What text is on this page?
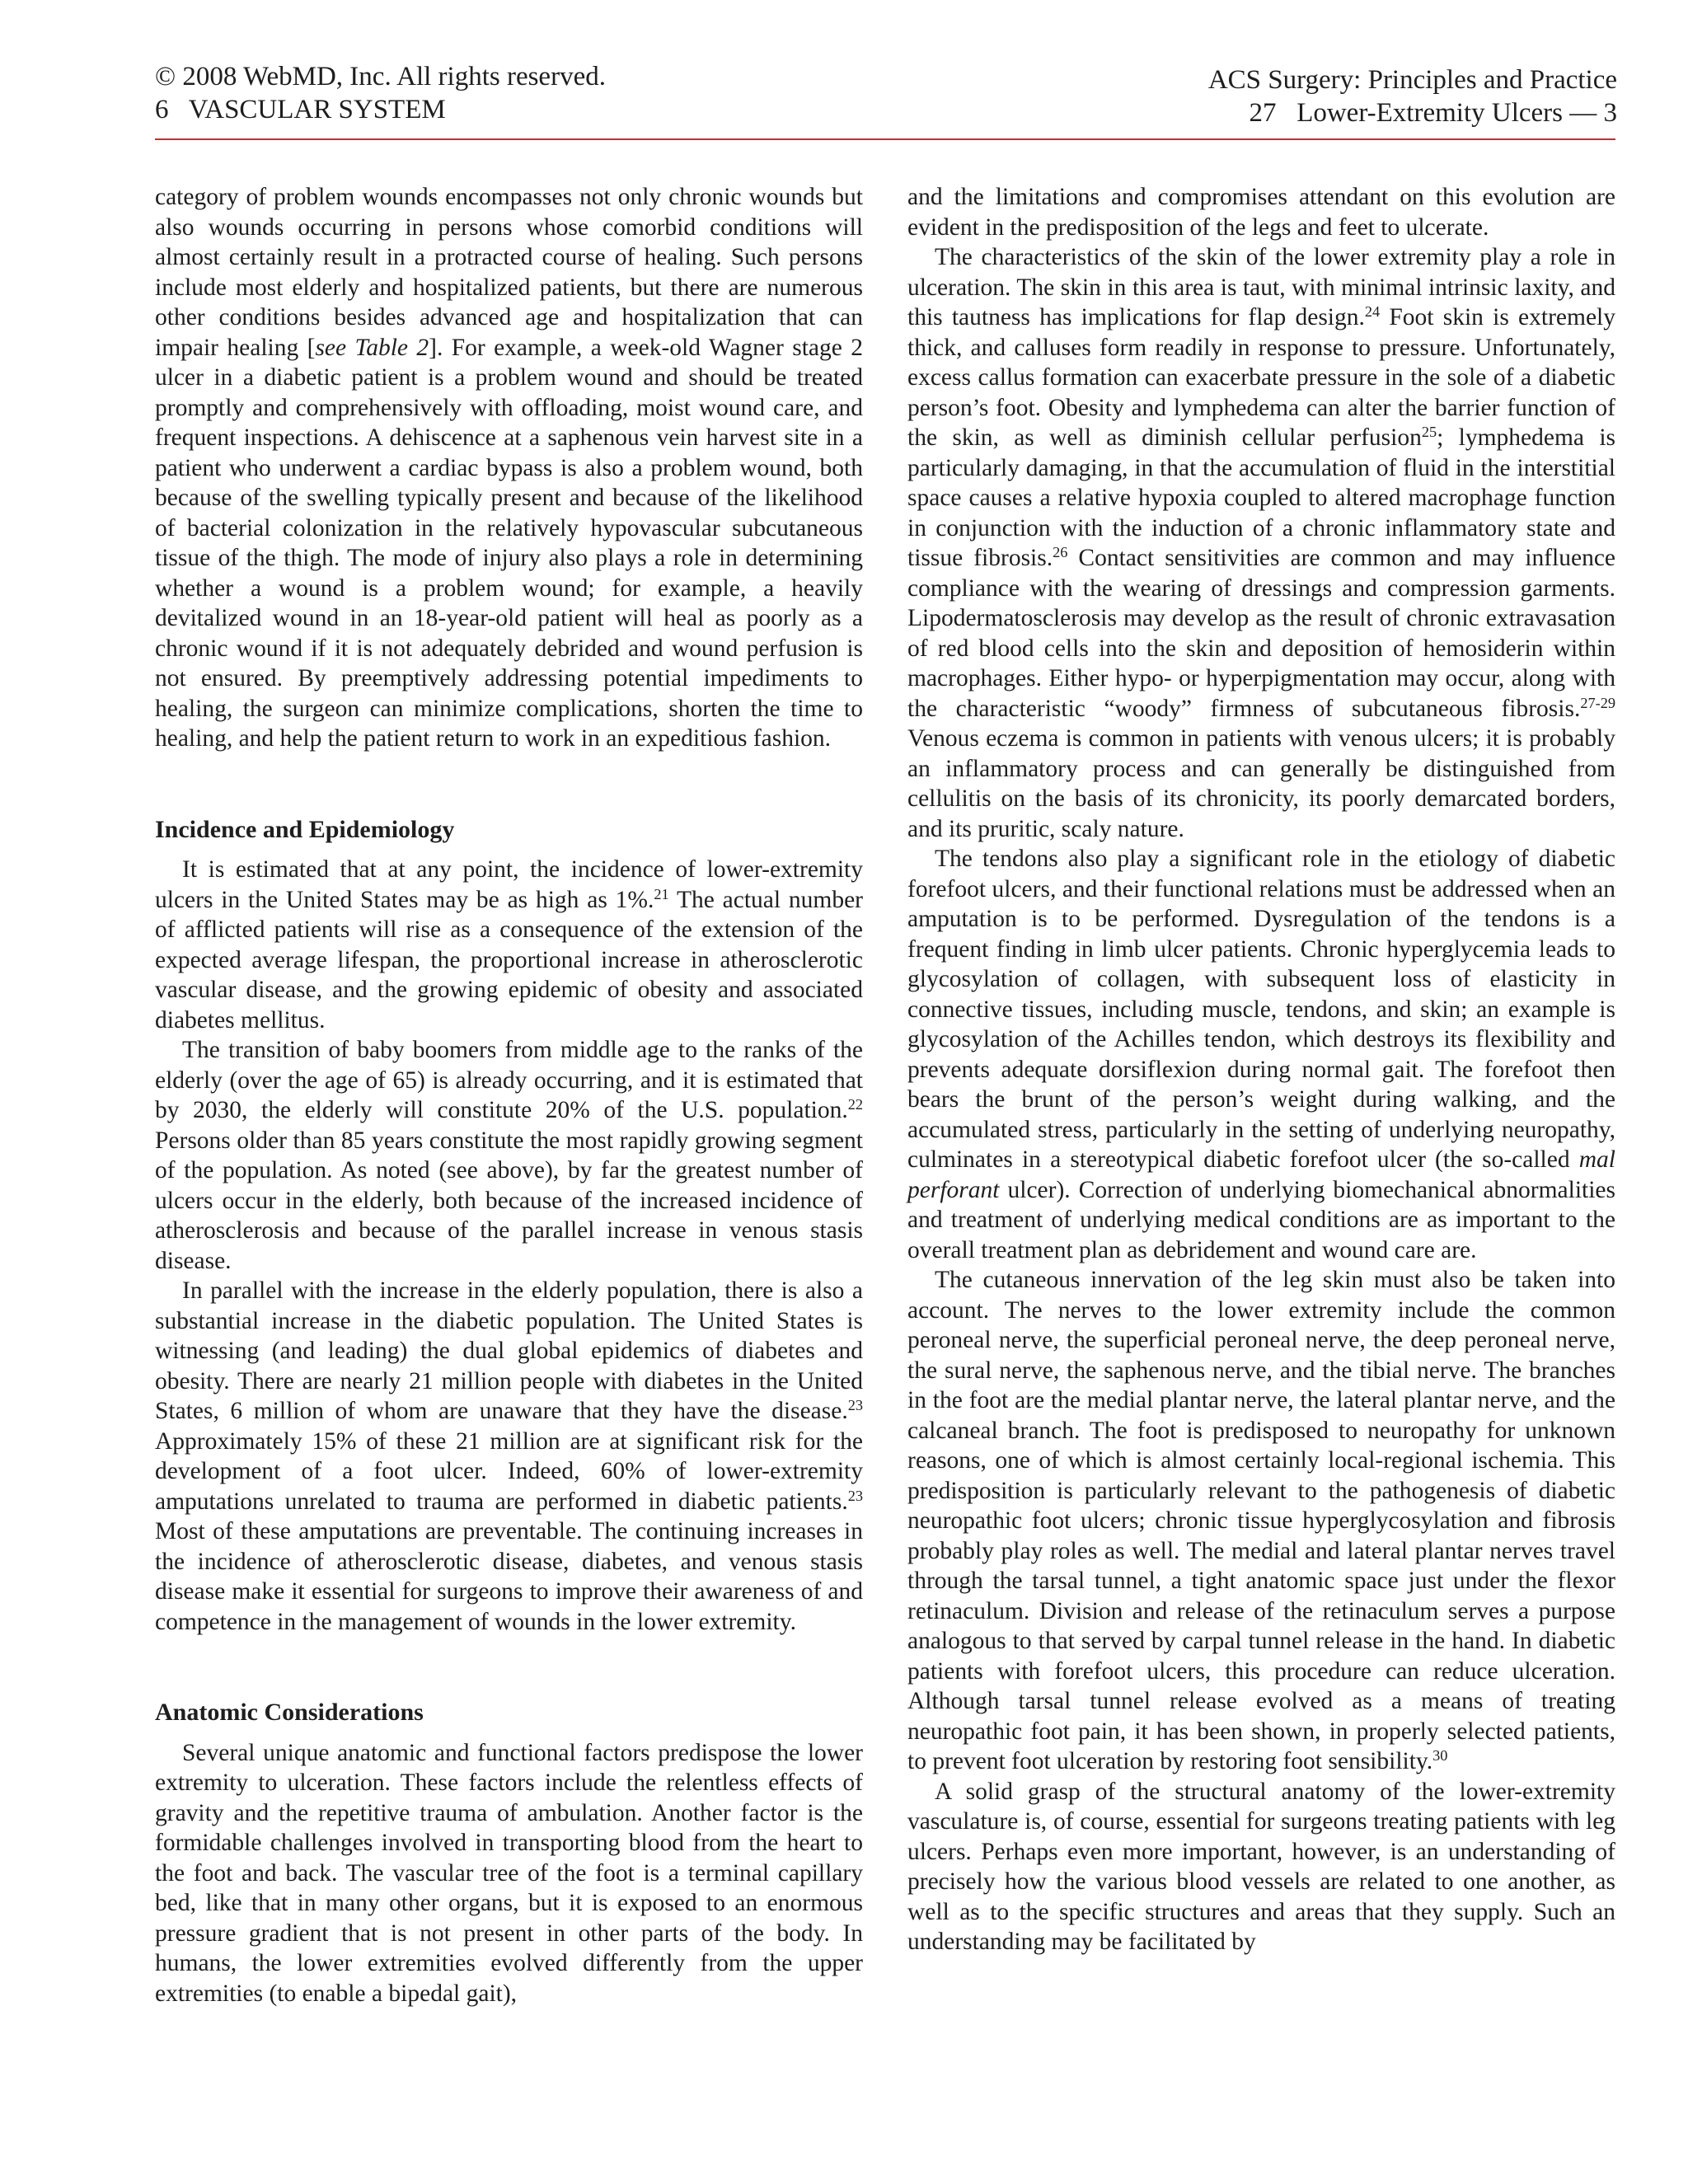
© 2008 WebMD, Inc. All rights reserved.
6   VASCULAR SYSTEM
ACS Surgery: Principles and Practice
27   Lower-Extremity Ulcers — 3

category of problem wounds encompasses not only chronic wounds but also wounds occurring in persons whose comorbid conditions will almost certainly result in a protracted course of healing. Such persons include most elderly and hospitalized patients, but there are numerous other conditions besides advanced age and hospitalization that can impair healing [see Table 2]. For example, a week-old Wagner stage 2 ulcer in a diabetic patient is a problem wound and should be treated promptly and comprehensively with offloading, moist wound care, and frequent inspections. A dehiscence at a saphenous vein harvest site in a patient who underwent a cardiac bypass is also a problem wound, both because of the swelling typically present and because of the likelihood of bacterial colonization in the relatively hypovascular subcutaneous tissue of the thigh. The mode of injury also plays a role in determining whether a wound is a problem wound; for example, a heavily devitalized wound in an 18-year-old patient will heal as poorly as a chronic wound if it is not adequately debrided and wound perfusion is not ensured. By preemptively addressing potential impediments to healing, the surgeon can minimize complications, shorten the time to healing, and help the patient return to work in an expeditious fashion.

Incidence and Epidemiology

It is estimated that at any point, the incidence of lower-extremity ulcers in the United States may be as high as 1%.$^{21}$ The actual number of afflicted patients will rise as a consequence of the extension of the expected average lifespan, the proportional increase in atherosclerotic vascular disease, and the growing epidemic of obesity and associated diabetes mellitus.

The transition of baby boomers from middle age to the ranks of the elderly (over the age of 65) is already occurring, and it is estimated that by 2030, the elderly will constitute 20% of the U.S. population.$^{22}$ Persons older than 85 years constitute the most rapidly growing segment of the population. As noted (see above), by far the greatest number of ulcers occur in the elderly, both because of the increased incidence of atherosclerosis and because of the parallel increase in venous stasis disease.

In parallel with the increase in the elderly population, there is also a substantial increase in the diabetic population. The United States is witnessing (and leading) the dual global epidemics of diabetes and obesity. There are nearly 21 million people with diabetes in the United States, 6 million of whom are unaware that they have the disease.$^{23}$ Approximately 15% of these 21 million are at significant risk for the development of a foot ulcer. Indeed, 60% of lower-extremity amputations unrelated to trauma are performed in diabetic patients.$^{23}$ Most of these amputations are preventable. The continuing increases in the incidence of atherosclerotic disease, diabetes, and venous stasis disease make it essential for surgeons to improve their awareness of and competence in the management of wounds in the lower extremity.

Anatomic Considerations

Several unique anatomic and functional factors predispose the lower extremity to ulceration. These factors include the relentless effects of gravity and the repetitive trauma of ambulation. Another factor is the formidable challenges involved in transporting blood from the heart to the foot and back. The vascular tree of the foot is a terminal capillary bed, like that in many other organs, but it is exposed to an enormous pressure gradient that is not present in other parts of the body. In humans, the lower extremities evolved differently from the upper extremities (to enable a bipedal gait),

and the limitations and compromises attendant on this evolution are evident in the predisposition of the legs and feet to ulcerate.

The characteristics of the skin of the lower extremity play a role in ulceration. The skin in this area is taut, with minimal intrinsic laxity, and this tautness has implications for flap design.$^{24}$ Foot skin is extremely thick, and calluses form readily in response to pressure. Unfortunately, excess callus formation can exacerbate pressure in the sole of a diabetic person’s foot. Obesity and lymphedema can alter the barrier function of the skin, as well as diminish cellular perfusion$^{25}$; lymphedema is particularly damaging, in that the accumulation of fluid in the interstitial space causes a relative hypoxia coupled to altered macrophage function in conjunction with the induction of a chronic inflammatory state and tissue fibrosis.$^{26}$ Contact sensitivities are common and may influence compliance with the wearing of dressings and compression garments. Lipodermatosclerosis may develop as the result of chronic extravasation of red blood cells into the skin and deposition of hemosiderin within macrophages. Either hypo- or hyperpigmentation may occur, along with the characteristic “woody” firmness of subcutaneous fibrosis.$^{27-29}$ Venous eczema is common in patients with venous ulcers; it is probably an inflammatory process and can generally be distinguished from cellulitis on the basis of its chronicity, its poorly demarcated borders, and its pruritic, scaly nature.

The tendons also play a significant role in the etiology of diabetic forefoot ulcers, and their functional relations must be addressed when an amputation is to be performed. Dysregulation of the tendons is a frequent finding in limb ulcer patients. Chronic hyperglycemia leads to glycosylation of collagen, with subsequent loss of elasticity in connective tissues, including muscle, tendons, and skin; an example is glycosylation of the Achilles tendon, which destroys its flexibility and prevents adequate dorsiflexion during normal gait. The forefoot then bears the brunt of the person’s weight during walking, and the accumulated stress, particularly in the setting of underlying neuropathy, culminates in a stereotypical diabetic forefoot ulcer (the so-called mal perforant ulcer). Correction of underlying biomechanical abnormalities and treatment of underlying medical conditions are as important to the overall treatment plan as debridement and wound care are.

The cutaneous innervation of the leg skin must also be taken into account. The nerves to the lower extremity include the common peroneal nerve, the superficial peroneal nerve, the deep peroneal nerve, the sural nerve, the saphenous nerve, and the tibial nerve. The branches in the foot are the medial plantar nerve, the lateral plantar nerve, and the calcaneal branch. The foot is predisposed to neuropathy for unknown reasons, one of which is almost certainly local-regional ischemia. This predisposition is particularly relevant to the pathogenesis of diabetic neuropathic foot ulcers; chronic tissue hyperglycosylation and fibrosis probably play roles as well. The medial and lateral plantar nerves travel through the tarsal tunnel, a tight anatomic space just under the flexor retinaculum. Division and release of the retinaculum serves a purpose analogous to that served by carpal tunnel release in the hand. In diabetic patients with forefoot ulcers, this procedure can reduce ulceration. Although tarsal tunnel release evolved as a means of treating neuropathic foot pain, it has been shown, in properly selected patients, to prevent foot ulceration by restoring foot sensibility.$^{30}$

A solid grasp of the structural anatomy of the lower-extremity vasculature is, of course, essential for surgeons treating patients with leg ulcers. Perhaps even more important, however, is an understanding of precisely how the various blood vessels are related to one another, as well as to the specific structures and areas that they supply. Such an understanding may be facilitated by
